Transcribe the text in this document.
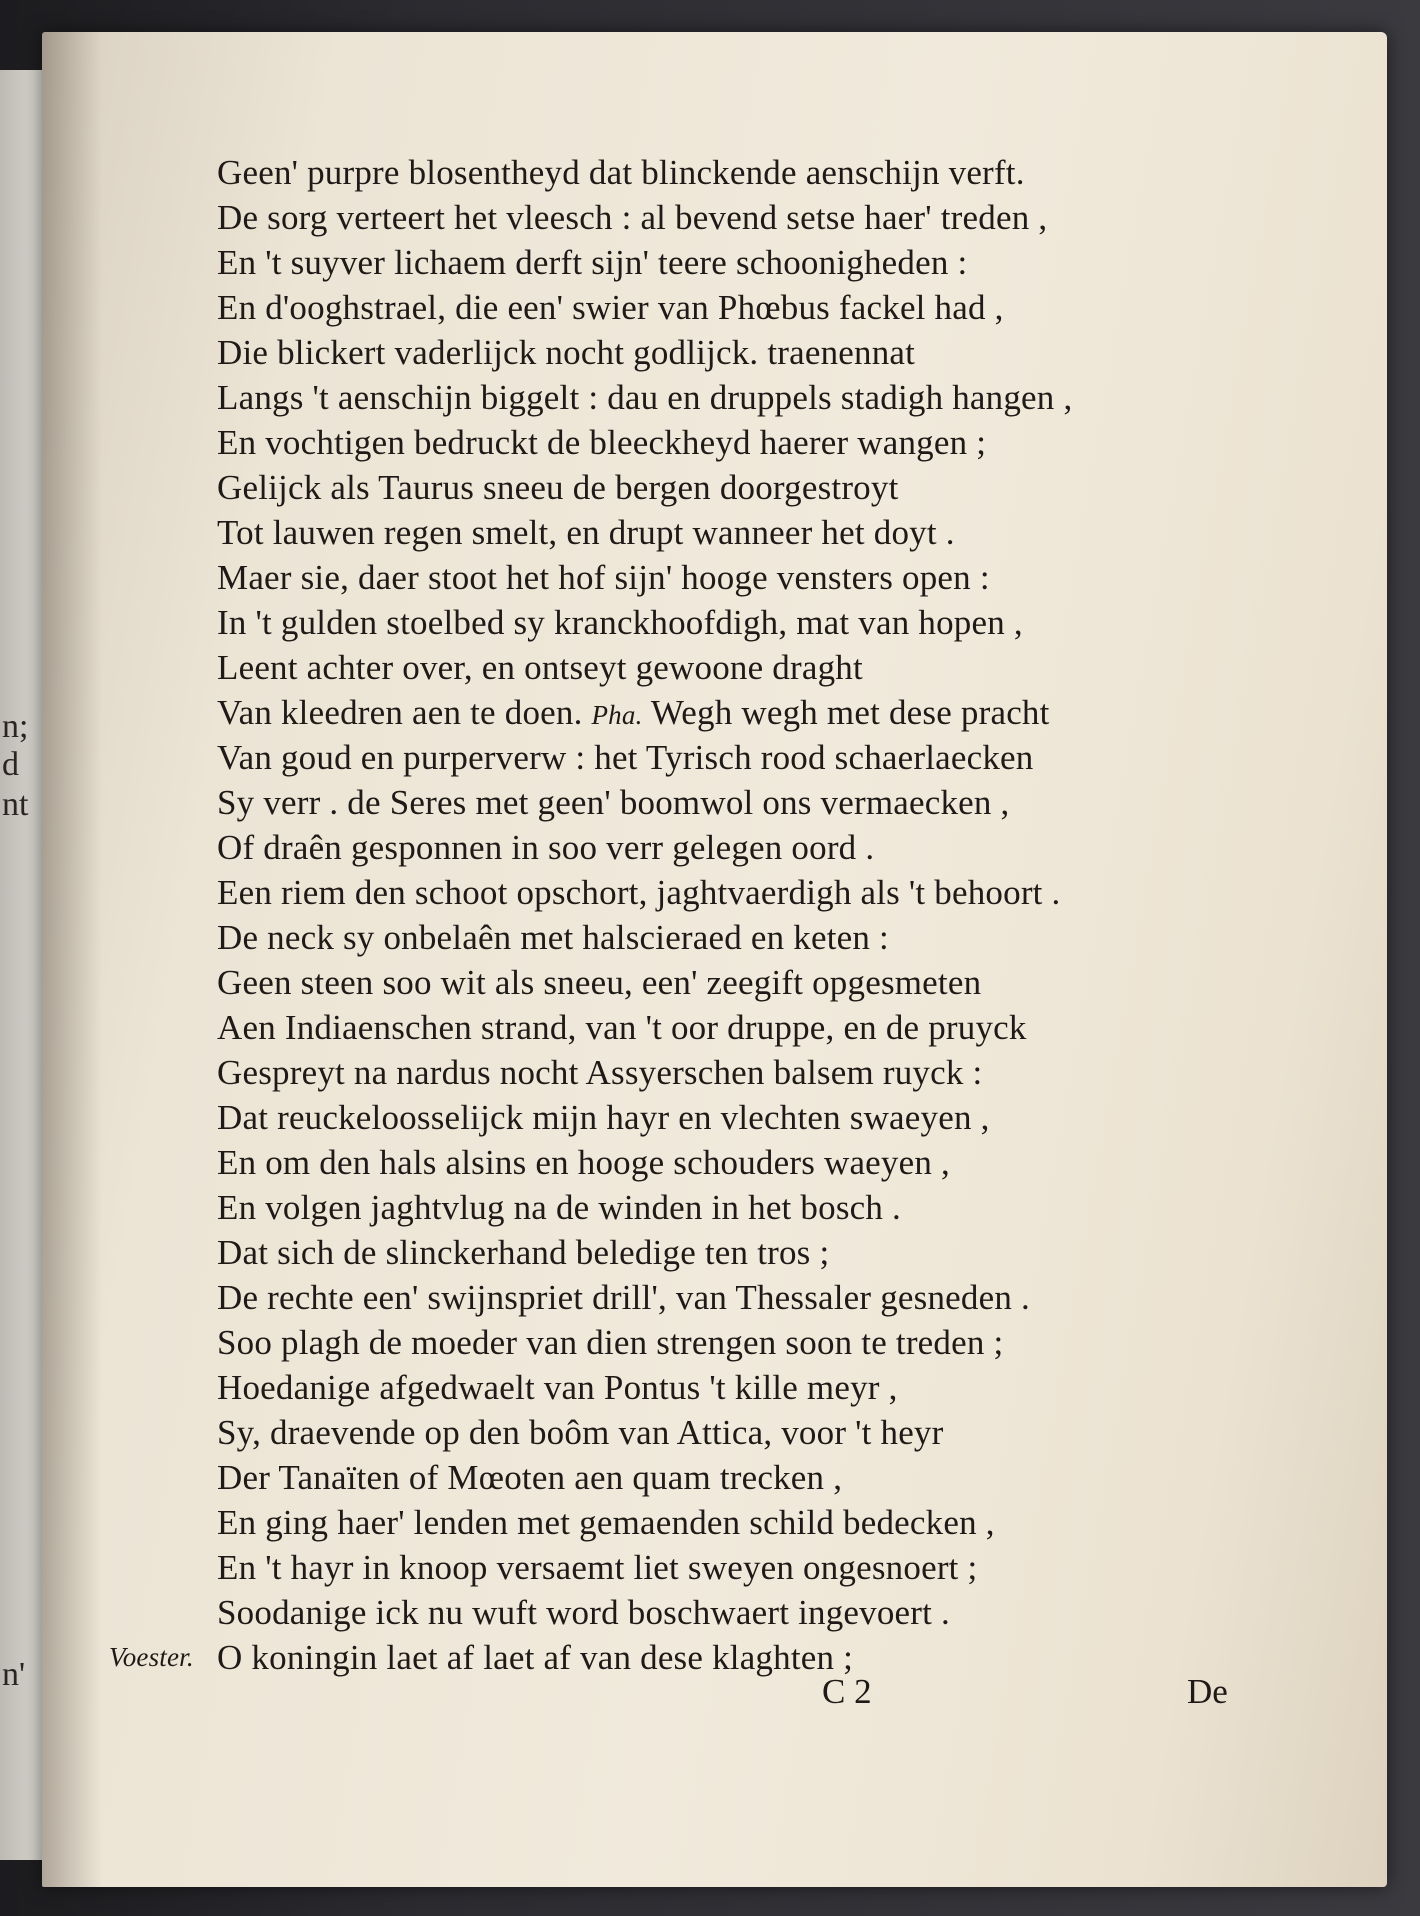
n;
d
nt
n'
Geen' purpre blosentheyd dat blinckende aenschijn verft.
De sorg verteert het vleesch : al bevend setse haer' treden ,
En 't suyver lichaem derft sijn' teere schoonigheden :
En d'ooghstrael, die een' swier van Phœbus fackel had ,
Die blickert vaderlijck nocht godlijck. traenennat
Langs 't aenschijn biggelt : dau en druppels stadigh hangen ,
En vochtigen bedruckt de bleeckheyd haerer wangen ;
Gelijck als Taurus sneeu de bergen doorgestroyt
Tot lauwen regen smelt, en drupt wanneer het doyt .
Maer sie, daer stoot het hof sijn' hooge vensters open :
In 't gulden stoelbed sy kranckhoofdigh, mat van hopen ,
Leent achter over, en ontseyt gewoone draght
Van kleedren aen te doen. Pha. Wegh wegh met dese pracht
Van goud en purperverw : het Tyrisch rood schaerlaecken
Sy verr . de Seres met geen' boomwol ons vermaecken ,
Of draên gesponnen in soo verr gelegen oord .
Een riem den schoot opschort, jaghtvaerdigh als 't behoort .
De neck sy onbelaên met halscieraed en keten :
Geen steen soo wit als sneeu, een' zeegift opgesmeten
Aen Indiaenschen strand, van 't oor druppe, en de pruyck
Gespreyt na nardus nocht Assyerschen balsem ruyck :
Dat reuckeloosselijck mijn hayr en vlechten swaeyen ,
En om den hals alsins en hooge schouders waeyen ,
En volgen jaghtvlug na de winden in het bosch .
Dat sich de slinckerhand beledige ten tros ;
De rechte een' swijnspriet drill', van Thessaler gesneden .
Soo plagh de moeder van dien strengen soon te treden ;
Hoedanige afgedwaelt van Pontus 't kille meyr ,
Sy, draevende op den boôm van Attica, voor 't heyr
Der Tanaïten of Mœoten aen quam trecken ,
En ging haer' lenden met gemaenden schild bedecken ,
En 't hayr in knoop versaemt liet sweyen ongesnoert ;
Soodanige ick nu wuft word boschwaert ingevoert .
Voester. O koningin laet af laet af van dese klaghten ;
C 2	De
